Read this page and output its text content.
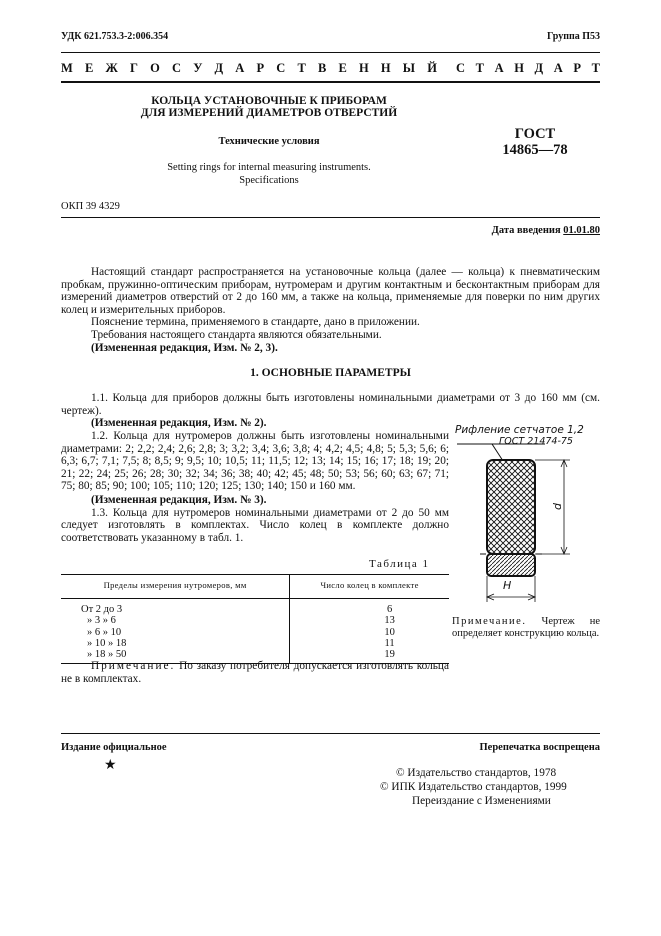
УДК 621.753.3-2:006.354	Группа П53
М Е Ж Г О С У Д А Р С Т В Е Н Н Ы Й С Т А Н Д А Р Т
КОЛЬЦА УСТАНОВОЧНЫЕ К ПРИБОРАМ
ДЛЯ ИЗМЕРЕНИЙ ДИАМЕТРОВ ОТВЕРСТИЙ
Технические условия
Setting rings for internal measuring instruments.
Specifications
ГОСТ
14865—78
ОКП 39 4329
Дата введения 01.01.80

Настоящий стандарт распространяется на установочные кольца (далее — кольца) к пневматическим пробкам, пружинно-оптическим приборам, нутромерам и другим контактным и бесконтактным приборам для измерений диаметров отверстий от 2 до 160 мм, а также на кольца, применяемые для поверки по ним других колец и измерительных приборов.

Пояснение термина, применяемого в стандарте, дано в приложении.

Требования настоящего стандарта являются обязательными.

(Измененная редакция, Изм. № 2, 3).

1. ОСНОВНЫЕ ПАРАМЕТРЫ

1.1. Кольца для приборов должны быть изготовлены номинальными диаметрами от 3 до 160 мм (см. чертеж).

(Измененная редакция, Изм. № 2).

1.2. Кольца для нутромеров должны быть изготовлены номинальными диаметрами: 2; 2,2; 2,4; 2,6; 2,8; 3; 3,2; 3,4; 3,6; 3,8; 4; 4,2; 4,5; 4,8; 5; 5,3; 5,6; 6; 6,3; 6,7; 7,1; 7,5; 8; 8,5; 9; 9,5; 10; 10,5; 11; 11,5; 12; 13; 14; 15; 16; 17; 18; 19; 20; 21; 22; 24; 25; 26; 28; 30; 32; 34; 36; 38; 40; 42; 45; 48; 50; 53; 56; 60; 63; 67; 71; 75; 80; 85; 90; 100; 105; 110; 120; 125; 130; 140; 150 и 160 мм.

(Измененная редакция, Изм. № 3).

1.3. Кольца для нутромеров номинальными диаметрами от 2 до 50 мм следует изготовлять в комплектах. Число колец в комплекте должно соответствовать указанному в табл. 1.

Таблица 1
Пределы измерения нутромеров, мм	Число колец в комплекте
От 2 до 3	6
» 3 » 6	13
» 6 » 10	10
» 10 » 18	11
» 18 » 50	19

Примечание. По заказу потребителя допускается изготовлять кольца не в комплектах.

Рифление сетчатое 1,2
ГОСТ 21474-75
d
H

Примечание. Чертеж не определяет конструкцию кольца.

Издание официальное	Перепечатка воспрещена
★	© Издательство стандартов, 1978
© ИПК Издательство стандартов, 1999
Переиздание с Изменениями
